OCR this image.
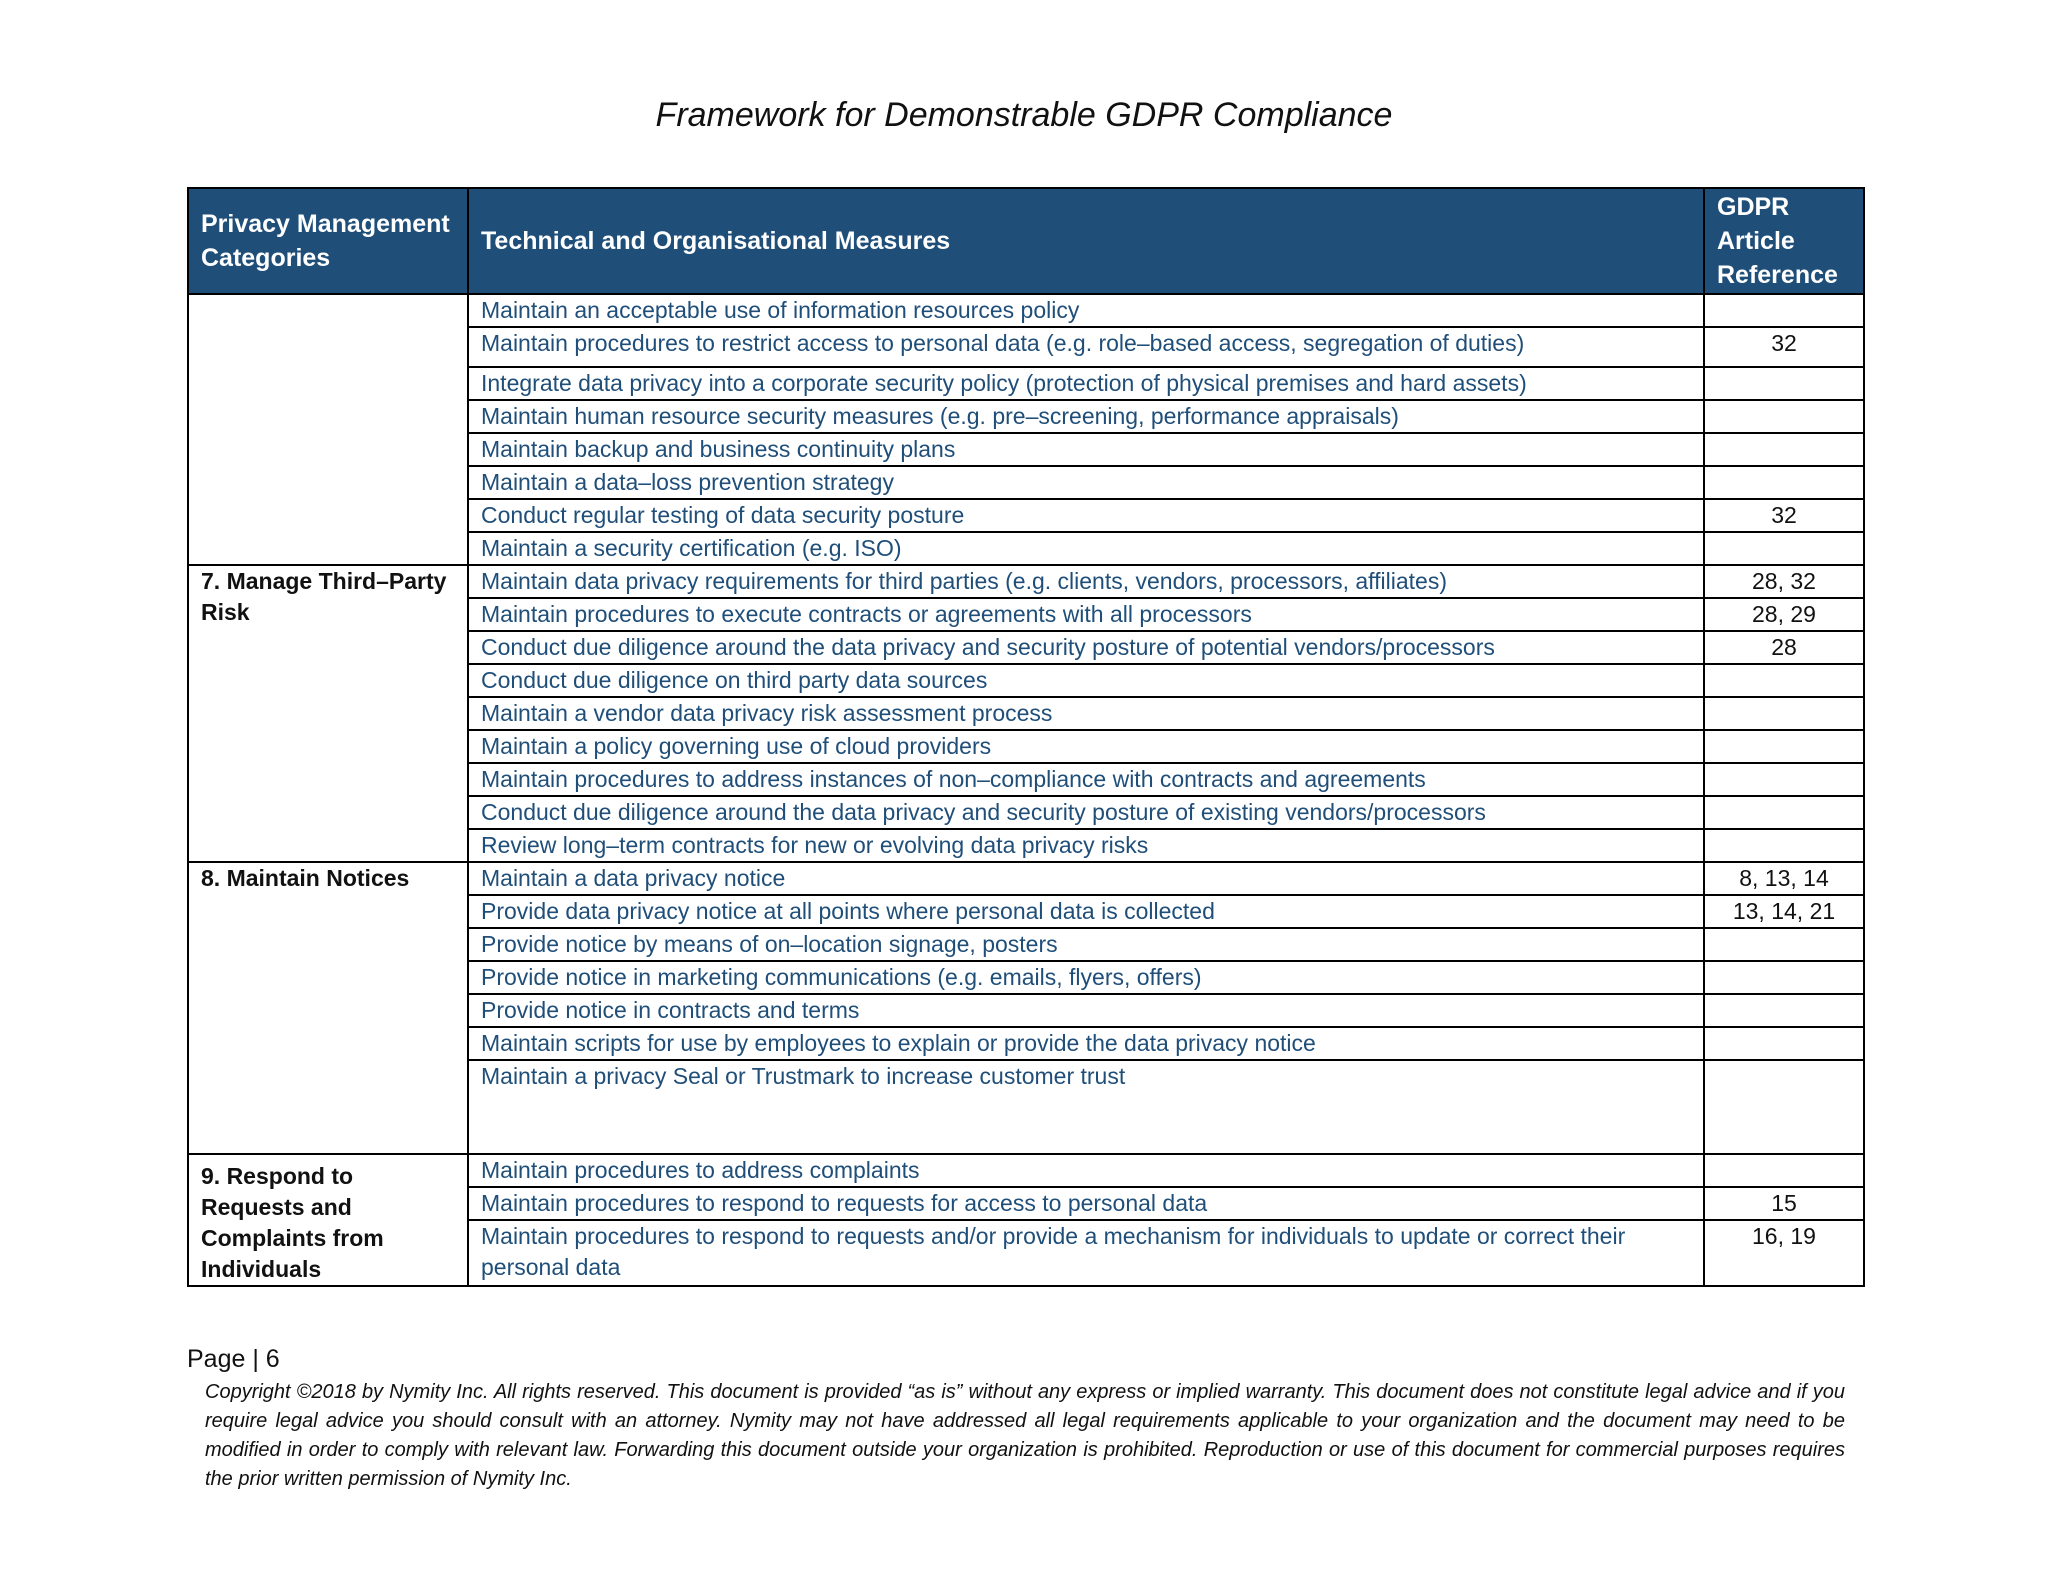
Framework for Demonstrable GDPR Compliance
Privacy Management Categories	Technical and Organisational Measures	GDPR Article Reference
	Maintain an acceptable use of information resources policy	
	Maintain procedures to restrict access to personal data (e.g. role–based access, segregation of duties)	32
	Integrate data privacy into a corporate security policy (protection of physical premises and hard assets)	
	Maintain human resource security measures (e.g. pre–screening, performance appraisals)	
	Maintain backup and business continuity plans	
	Maintain a data–loss prevention strategy	
	Conduct regular testing of data security posture	32
	Maintain a security certification (e.g. ISO)	
7. Manage Third–Party Risk	Maintain data privacy requirements for third parties (e.g. clients, vendors, processors, affiliates)	28, 32
	Maintain procedures to execute contracts or agreements with all processors	28, 29
	Conduct due diligence around the data privacy and security posture of potential vendors/processors	28
	Conduct due diligence on third party data sources	
	Maintain a vendor data privacy risk assessment process	
	Maintain a policy governing use of cloud providers	
	Maintain procedures to address instances of non–compliance with contracts and agreements	
	Conduct due diligence around the data privacy and security posture of existing vendors/processors	
	Review long–term contracts for new or evolving data privacy risks	
8. Maintain Notices	Maintain a data privacy notice	8, 13, 14
	Provide data privacy notice at all points where personal data is collected	13, 14, 21
	Provide notice by means of on–location signage, posters	
	Provide notice in marketing communications (e.g. emails, flyers, offers)	
	Provide notice in contracts and terms	
	Maintain scripts for use by employees to explain or provide the data privacy notice	
	Maintain a privacy Seal or Trustmark to increase customer trust	
9. Respond to Requests and Complaints from Individuals	Maintain procedures to address complaints	
	Maintain procedures to respond to requests for access to personal data	15
	Maintain procedures to respond to requests and/or provide a mechanism for individuals to update or correct their personal data	16, 19
Page | 6
Copyright ©2018 by Nymity Inc. All rights reserved. This document is provided “as is” without any express or implied warranty. This document does not constitute legal advice and if you require legal advice you should consult with an attorney. Nymity may not have addressed all legal requirements applicable to your organization and the document may need to be modified in order to comply with relevant law. Forwarding this document outside your organization is prohibited. Reproduction or use of this document for commercial purposes requires the prior written permission of Nymity Inc.
